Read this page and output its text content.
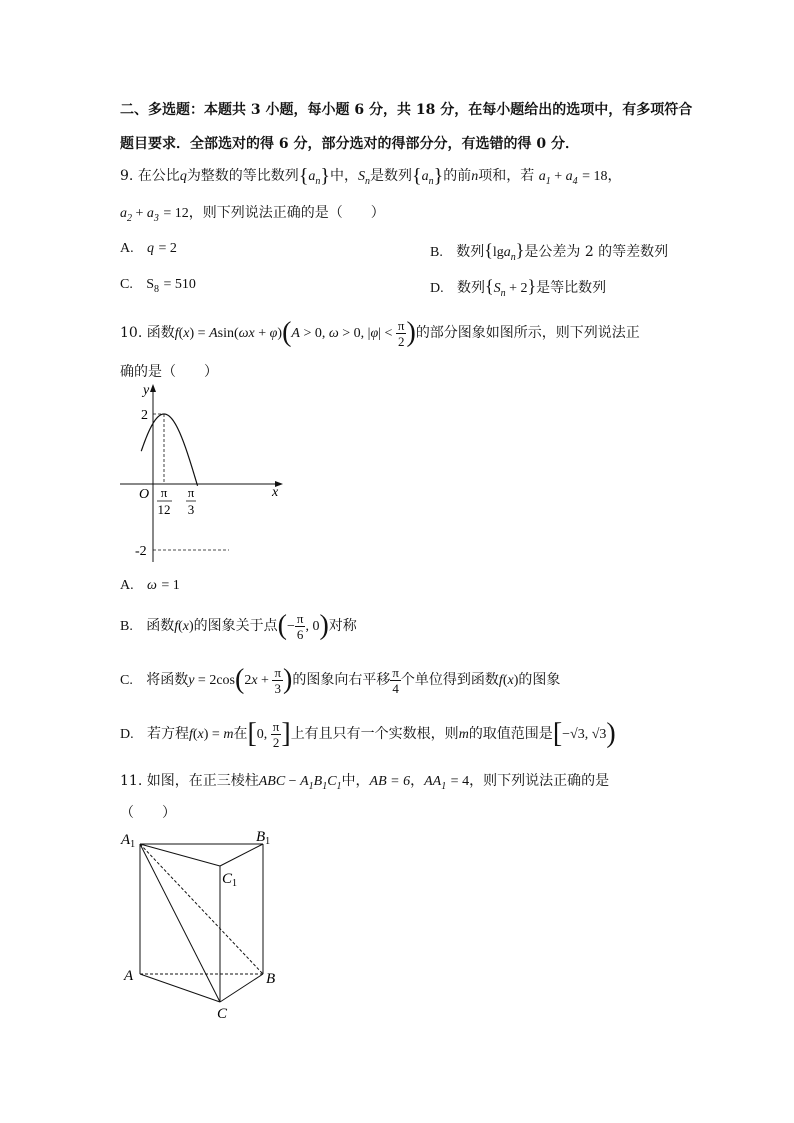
二、多选题：本题共 3 小题，每小题 6 分，共 18 分，在每小题给出的选项中，有多项符合
题目要求．全部选对的得 6 分，部分选对的得部分分，有选错的得 0 分．
9. 在公比q为整数的等比数列$\{a_n\}$中，$S_n$是数列$\{a_n\}$的前n项和，若 $a_1 + a_4 = 18$，
$a_2 + a_3 = 12$，则下列说法正确的是（　　）
A. q = 2	B. 数列{lga$_n$}是公差为 2 的等差数列
C. $S_8 = 510$	D. 数列$\{S_n + 2\}$是等比数列
10. 函数f(x) = Asin(ωx + φ)(A > 0, ω > 0, $|\varphi| < \frac{\pi}{2}$ )的部分图象如图所示，则下列说法正
确的是（　　）
y
x
O
2
-2
π
12
π
3
A. ω = 1
B. 函数f(x)的图象关于点(− $\frac{\pi}{6}$ , 0)对称
C. 将函数$y = 2\cos(2x + \frac{\pi}{3}$ )的图象向右平移 $\frac{\pi}{4}$ 个单位得到函数f(x)的图象
D. 若方程f(x) = m在[0, $\frac{\pi}{2}$ ]上有且只有一个实数根，则m的取值范围是[−√3, √3)
11. 如图，在正三棱柱ABC − $A_1B_1C_1$中，AB = 6，$AA_1 = 4$，则下列说法正确的是
（　　）
$A_1$	$B_1$
$C_1$
A	B
C
